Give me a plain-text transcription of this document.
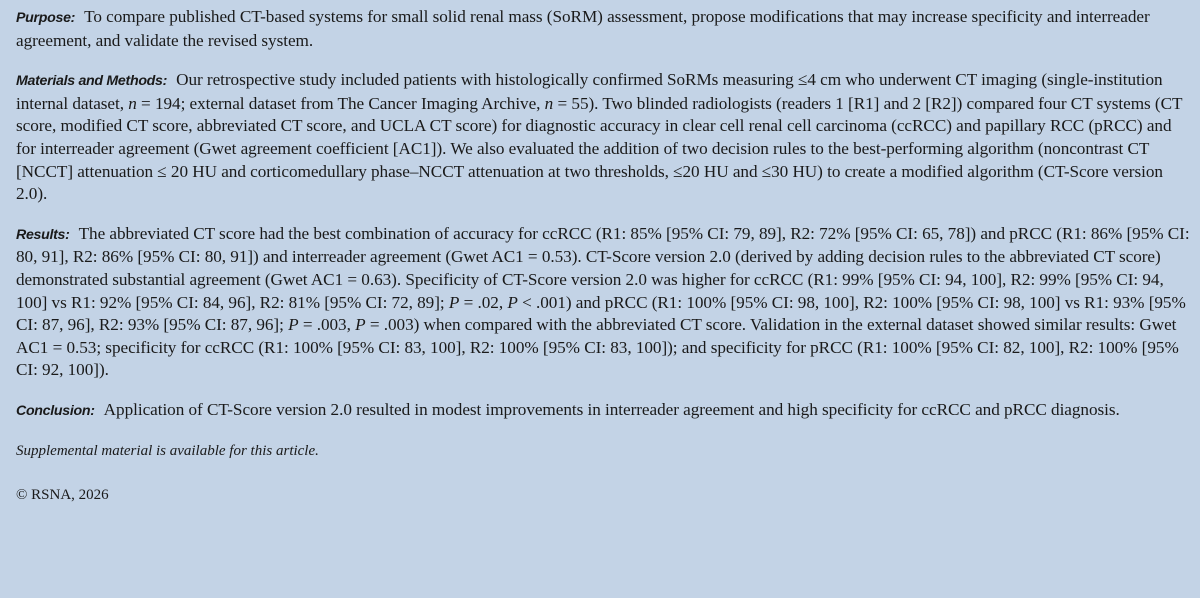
Purpose: To compare published CT-based systems for small solid renal mass (SoRM) assessment, propose modifications that may increase specificity and interreader agreement, and validate the revised system.

Materials and Methods: Our retrospective study included patients with histologically confirmed SoRMs measuring ≤4 cm who underwent CT imaging (single-institution internal dataset, n = 194; external dataset from The Cancer Imaging Archive, n = 55). Two blinded radiologists (readers 1 [R1] and 2 [R2]) compared four CT systems (CT score, modified CT score, abbreviated CT score, and UCLA CT score) for diagnostic accuracy in clear cell renal cell carcinoma (ccRCC) and papillary RCC (pRCC) and for interreader agreement (Gwet agreement coefficient [AC1]). We also evaluated the addition of two decision rules to the best-performing algorithm (noncontrast CT [NCCT] attenuation ≤ 20 HU and corticomedullary phase–NCCT attenuation at two thresholds, ≤20 HU and ≤30 HU) to create a modified algorithm (CT-Score version 2.0).

Results: The abbreviated CT score had the best combination of accuracy for ccRCC (R1: 85% [95% CI: 79, 89], R2: 72% [95% CI: 65, 78]) and pRCC (R1: 86% [95% CI: 80, 91], R2: 86% [95% CI: 80, 91]) and interreader agreement (Gwet AC1 = 0.53). CT-Score version 2.0 (derived by adding decision rules to the abbreviated CT score) demonstrated substantial agreement (Gwet AC1 = 0.63). Specificity of CT-Score version 2.0 was higher for ccRCC (R1: 99% [95% CI: 94, 100], R2: 99% [95% CI: 94, 100] vs R1: 92% [95% CI: 84, 96], R2: 81% [95% CI: 72, 89]; P = .02, P < .001) and pRCC (R1: 100% [95% CI: 98, 100], R2: 100% [95% CI: 98, 100] vs R1: 93% [95% CI: 87, 96], R2: 93% [95% CI: 87, 96]; P = .003, P = .003) when compared with the abbreviated CT score. Validation in the external dataset showed similar results: Gwet AC1 = 0.53; specificity for ccRCC (R1: 100% [95% CI: 83, 100], R2: 100% [95% CI: 83, 100]); and specificity for pRCC (R1: 100% [95% CI: 82, 100], R2: 100% [95% CI: 92, 100]).

Conclusion: Application of CT-Score version 2.0 resulted in modest improvements in interreader agreement and high specificity for ccRCC and pRCC diagnosis.

Supplemental material is available for this article.

© RSNA, 2026
